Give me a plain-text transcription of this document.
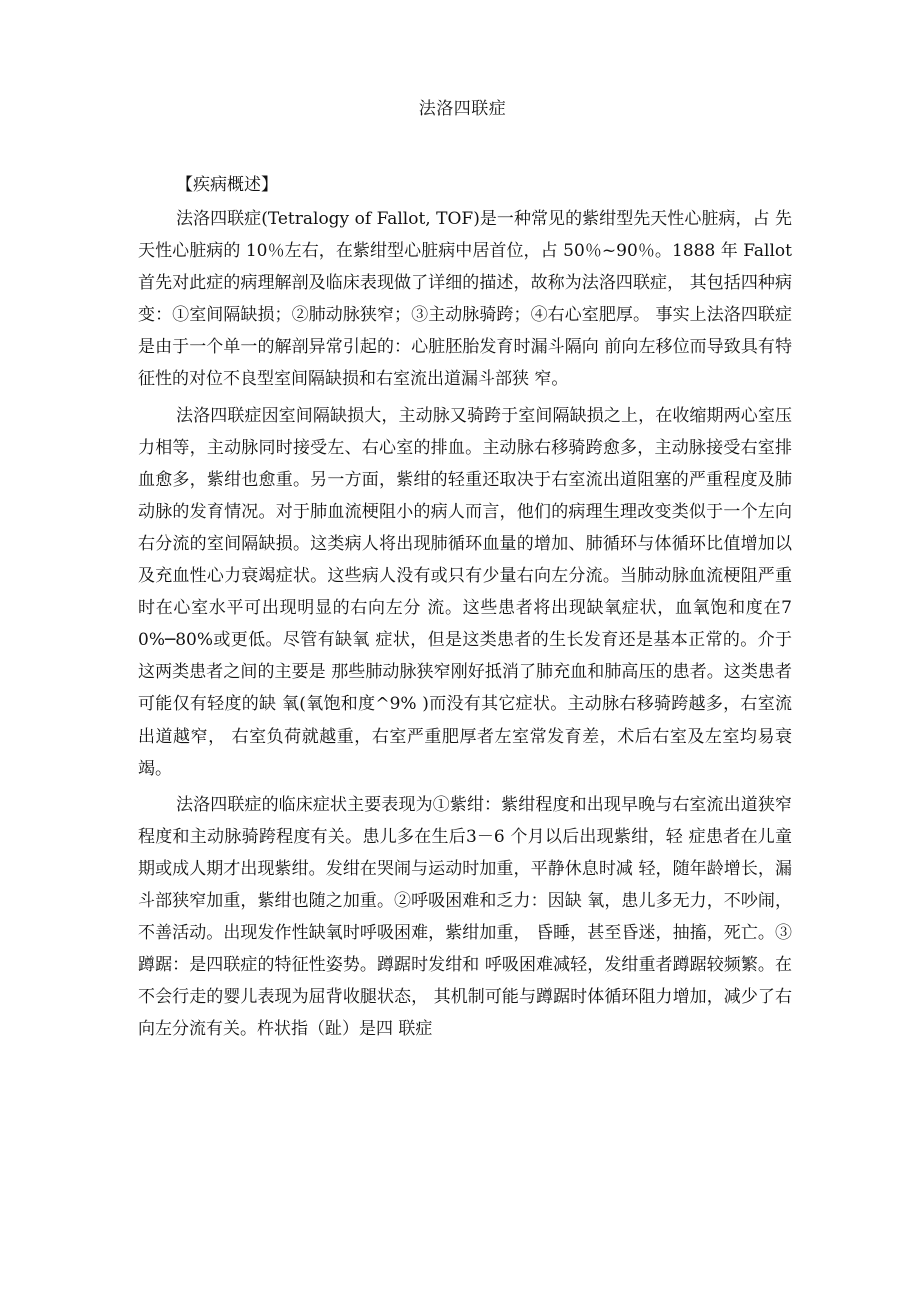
法洛四联症
【疾病概述】

法洛四联症(Tetralogy of Fallot, TOF)是一种常见的紫绀型先天性心脏病，占 先天性心脏病的 10％左右，在紫绀型心脏病中居首位，占 50％~90％。1888 年 Fallot 首先对此症的病理解剖及临床表现做了详细的描述，故称为法洛四联症， 其包括四种病变：①室间隔缺损；②肺动脉狭窄；③主动脉骑跨；④右心室肥厚。 事实上法洛四联症是由于一个单一的解剖异常引起的：心脏胚胎发育时漏斗隔向 前向左移位而导致具有特征性的对位不良型室间隔缺损和右室流出道漏斗部狭 窄。

法洛四联症因室间隔缺损大，主动脉又骑跨于室间隔缺损之上，在收缩期两心室压力相等，主动脉同时接受左、右心室的排血。主动脉右移骑跨愈多，主动脉接受右室排血愈多，紫绀也愈重。另一方面，紫绀的轻重还取决于右室流出道阻塞的严重程度及肺动脉的发育情况。对于肺血流梗阻小的病人而言，他们的病理生理改变类似于一个左向右分流的室间隔缺损。这类病人将出现肺循环血量的增加、肺循环与体循环比值增加以及充血性心力衰竭症状。这些病人没有或只有少量右向左分流。当肺动脉血流梗阻严重时在心室水平可出现明显的右向左分 流。这些患者将出现缺氧症状，血氧饱和度在70%─80%或更低。尽管有缺氧 症状，但是这类患者的生长发育还是基本正常的。介于这两类患者之间的主要是 那些肺动脉狭窄刚好抵消了肺充血和肺高压的患者。这类患者可能仅有轻度的缺 氧(氧饱和度^9% )而没有其它症状。主动脉右移骑跨越多，右室流出道越窄， 右室负荷就越重，右室严重肥厚者左室常发育差，术后右室及左室均易衰竭。

法洛四联症的临床症状主要表现为①紫绀：紫绀程度和出现早晚与右室流出道狭窄程度和主动脉骑跨程度有关。患儿多在生后3－6 个月以后出现紫绀，轻 症患者在儿童期或成人期才出现紫绀。发绀在哭闹与运动时加重，平静休息时减 轻，随年龄增长，漏斗部狭窄加重，紫绀也随之加重。②呼吸困难和乏力：因缺 氧，患儿多无力，不吵闹，不善活动。出现发作性缺氧时呼吸困难，紫绀加重， 昏睡，甚至昏迷，抽搐，死亡。③蹲踞：是四联症的特征性姿势。蹲踞时发绀和 呼吸困难减轻，发绀重者蹲踞较频繁。在不会行走的婴儿表现为屈背收腿状态， 其机制可能与蹲踞时体循环阻力增加，减少了右向左分流有关。杵状指（趾）是四 联症
